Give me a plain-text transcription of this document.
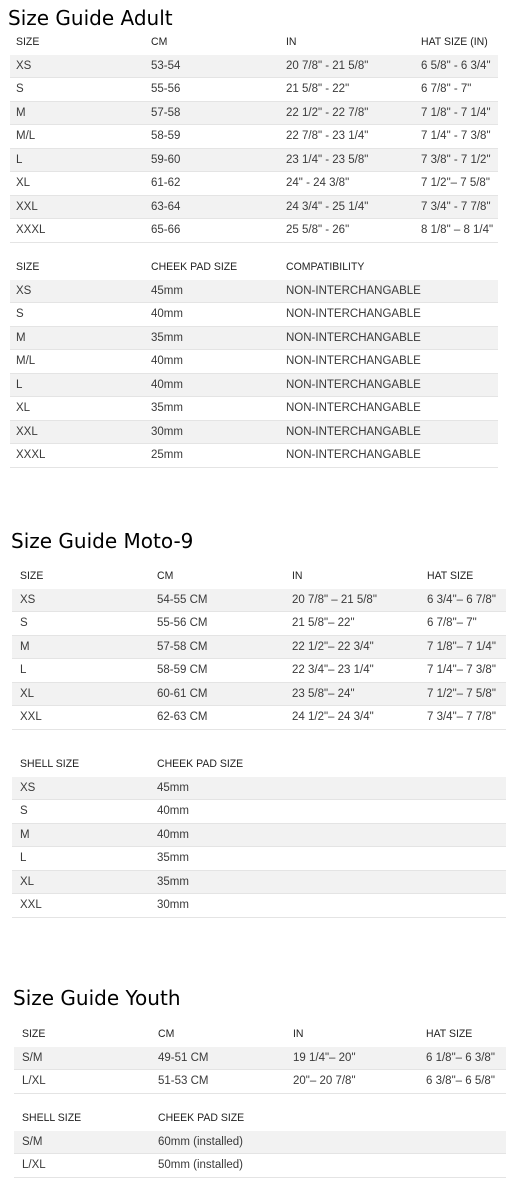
Size Guide Adult
SIZE	CM	IN	HAT SIZE (IN)
XS	53-54	20 7/8" - 21 5/8"	6 5/8" - 6 3/4"
S	55-56	21 5/8" - 22"	6 7/8" - 7"
M	57-58	22 1/2" - 22 7/8"	7 1/8" - 7 1/4"
M/L	58-59	22 7/8" - 23 1/4"	7 1/4" - 7 3/8"
L	59-60	23 1/4" - 23 5/8"	7 3/8" - 7 1/2"
XL	61-62	24" - 24 3/8"	7 1/2"– 7 5/8"
XXL	63-64	24 3/4" - 25 1/4"	7 3/4" - 7 7/8"
XXXL	65-66	25 5/8" - 26"	8 1/8" – 8 1/4"
SIZE	CHEEK PAD SIZE	COMPATIBILITY
XS	45mm	NON-INTERCHANGABLE
S	40mm	NON-INTERCHANGABLE
M	35mm	NON-INTERCHANGABLE
M/L	40mm	NON-INTERCHANGABLE
L	40mm	NON-INTERCHANGABLE
XL	35mm	NON-INTERCHANGABLE
XXL	30mm	NON-INTERCHANGABLE
XXXL	25mm	NON-INTERCHANGABLE
Size Guide Moto-9
SIZE	CM	IN	HAT SIZE
XS	54-55 CM	20 7/8" – 21 5/8"	6 3/4"– 6 7/8"
S	55-56 CM	21 5/8"– 22"	6 7/8"– 7"
M	57-58 CM	22 1/2"– 22 3/4"	7 1/8"– 7 1/4"
L	58-59 CM	22 3/4"– 23 1/4"	7 1/4"– 7 3/8"
XL	60-61 CM	23 5/8"– 24"	7 1/2"– 7 5/8"
XXL	62-63 CM	24 1/2"– 24 3/4"	7 3/4"– 7 7/8"
SHELL SIZE	CHEEK PAD SIZE
XS	45mm
S	40mm
M	40mm
L	35mm
XL	35mm
XXL	30mm
Size Guide Youth
SIZE	CM	IN	HAT SIZE
S/M	49-51 CM	19 1/4"– 20"	6 1/8"– 6 3/8"
L/XL	51-53 CM	20"– 20 7/8"	6 3/8"– 6 5/8"
SHELL SIZE	CHEEK PAD SIZE
S/M	60mm (installed)
L/XL	50mm (installed)
